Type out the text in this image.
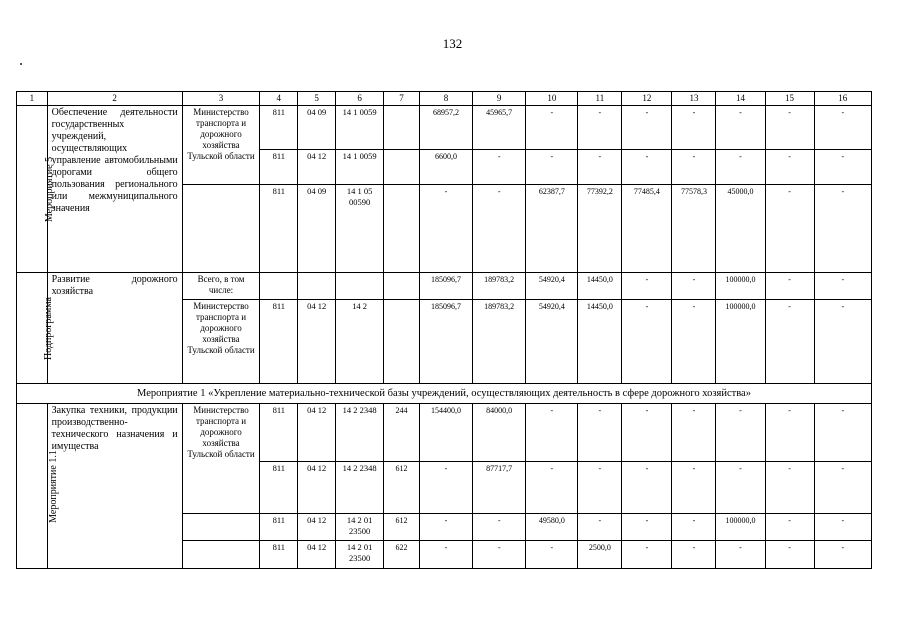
132
1	2	3	4	5	6	7	8	9	10	11	12	13	14	15	16
Мероприятие 5	Обеспечение деятельности государственных учреждений, осуществляющих управление автомобильными дорогами общего пользования регионального или межмуниципального значения	Министерство транспорта и дорожного хозяйства Тульской области	811	04 09	14 1 0059		68957,2	45965,7	-	-	-	-	-	-	-
			811	04 12	14 1 0059		6600,0	-	-	-	-	-	-	-	-
			811	04 09	14 1 05 00590		-	-	62387,7	77392,2	77485,4	77578,3	45000,0	-	-
Подпрограмма	Развитие дорожного хозяйства	Всего, в том числе:					185096,7	189783,2	54920,4	14450,0	-	-	100000,0	-	-
		Министерство транспорта и дорожного хозяйства Тульской области	811	04 12	14 2		185096,7	189783,2	54920,4	14450,0	-	-	100000,0	-	-
Мероприятие 1 «Укрепление материально-технической базы учреждений, осуществляющих деятельность в сфере дорожного хозяйства»															
Мероприятие 1.1	Закупка техники, продукции производственно-технического назначения и имущества	Министерство транспорта и дорожного хозяйства Тульской области	811	04 12	14 2 2348	244	154400,0	84000,0	-	-	-	-	-	-	-
			811	04 12	14 2 2348	612	-	87717,7	-	-	-	-	-	-	-
			811	04 12	14 2 01 23500	612	-	-	49580,0	-	-	-	100000,0	-	-
			811	04 12	14 2 01 23500	622	-	-	-	2500,0	-	-	-	-	-
